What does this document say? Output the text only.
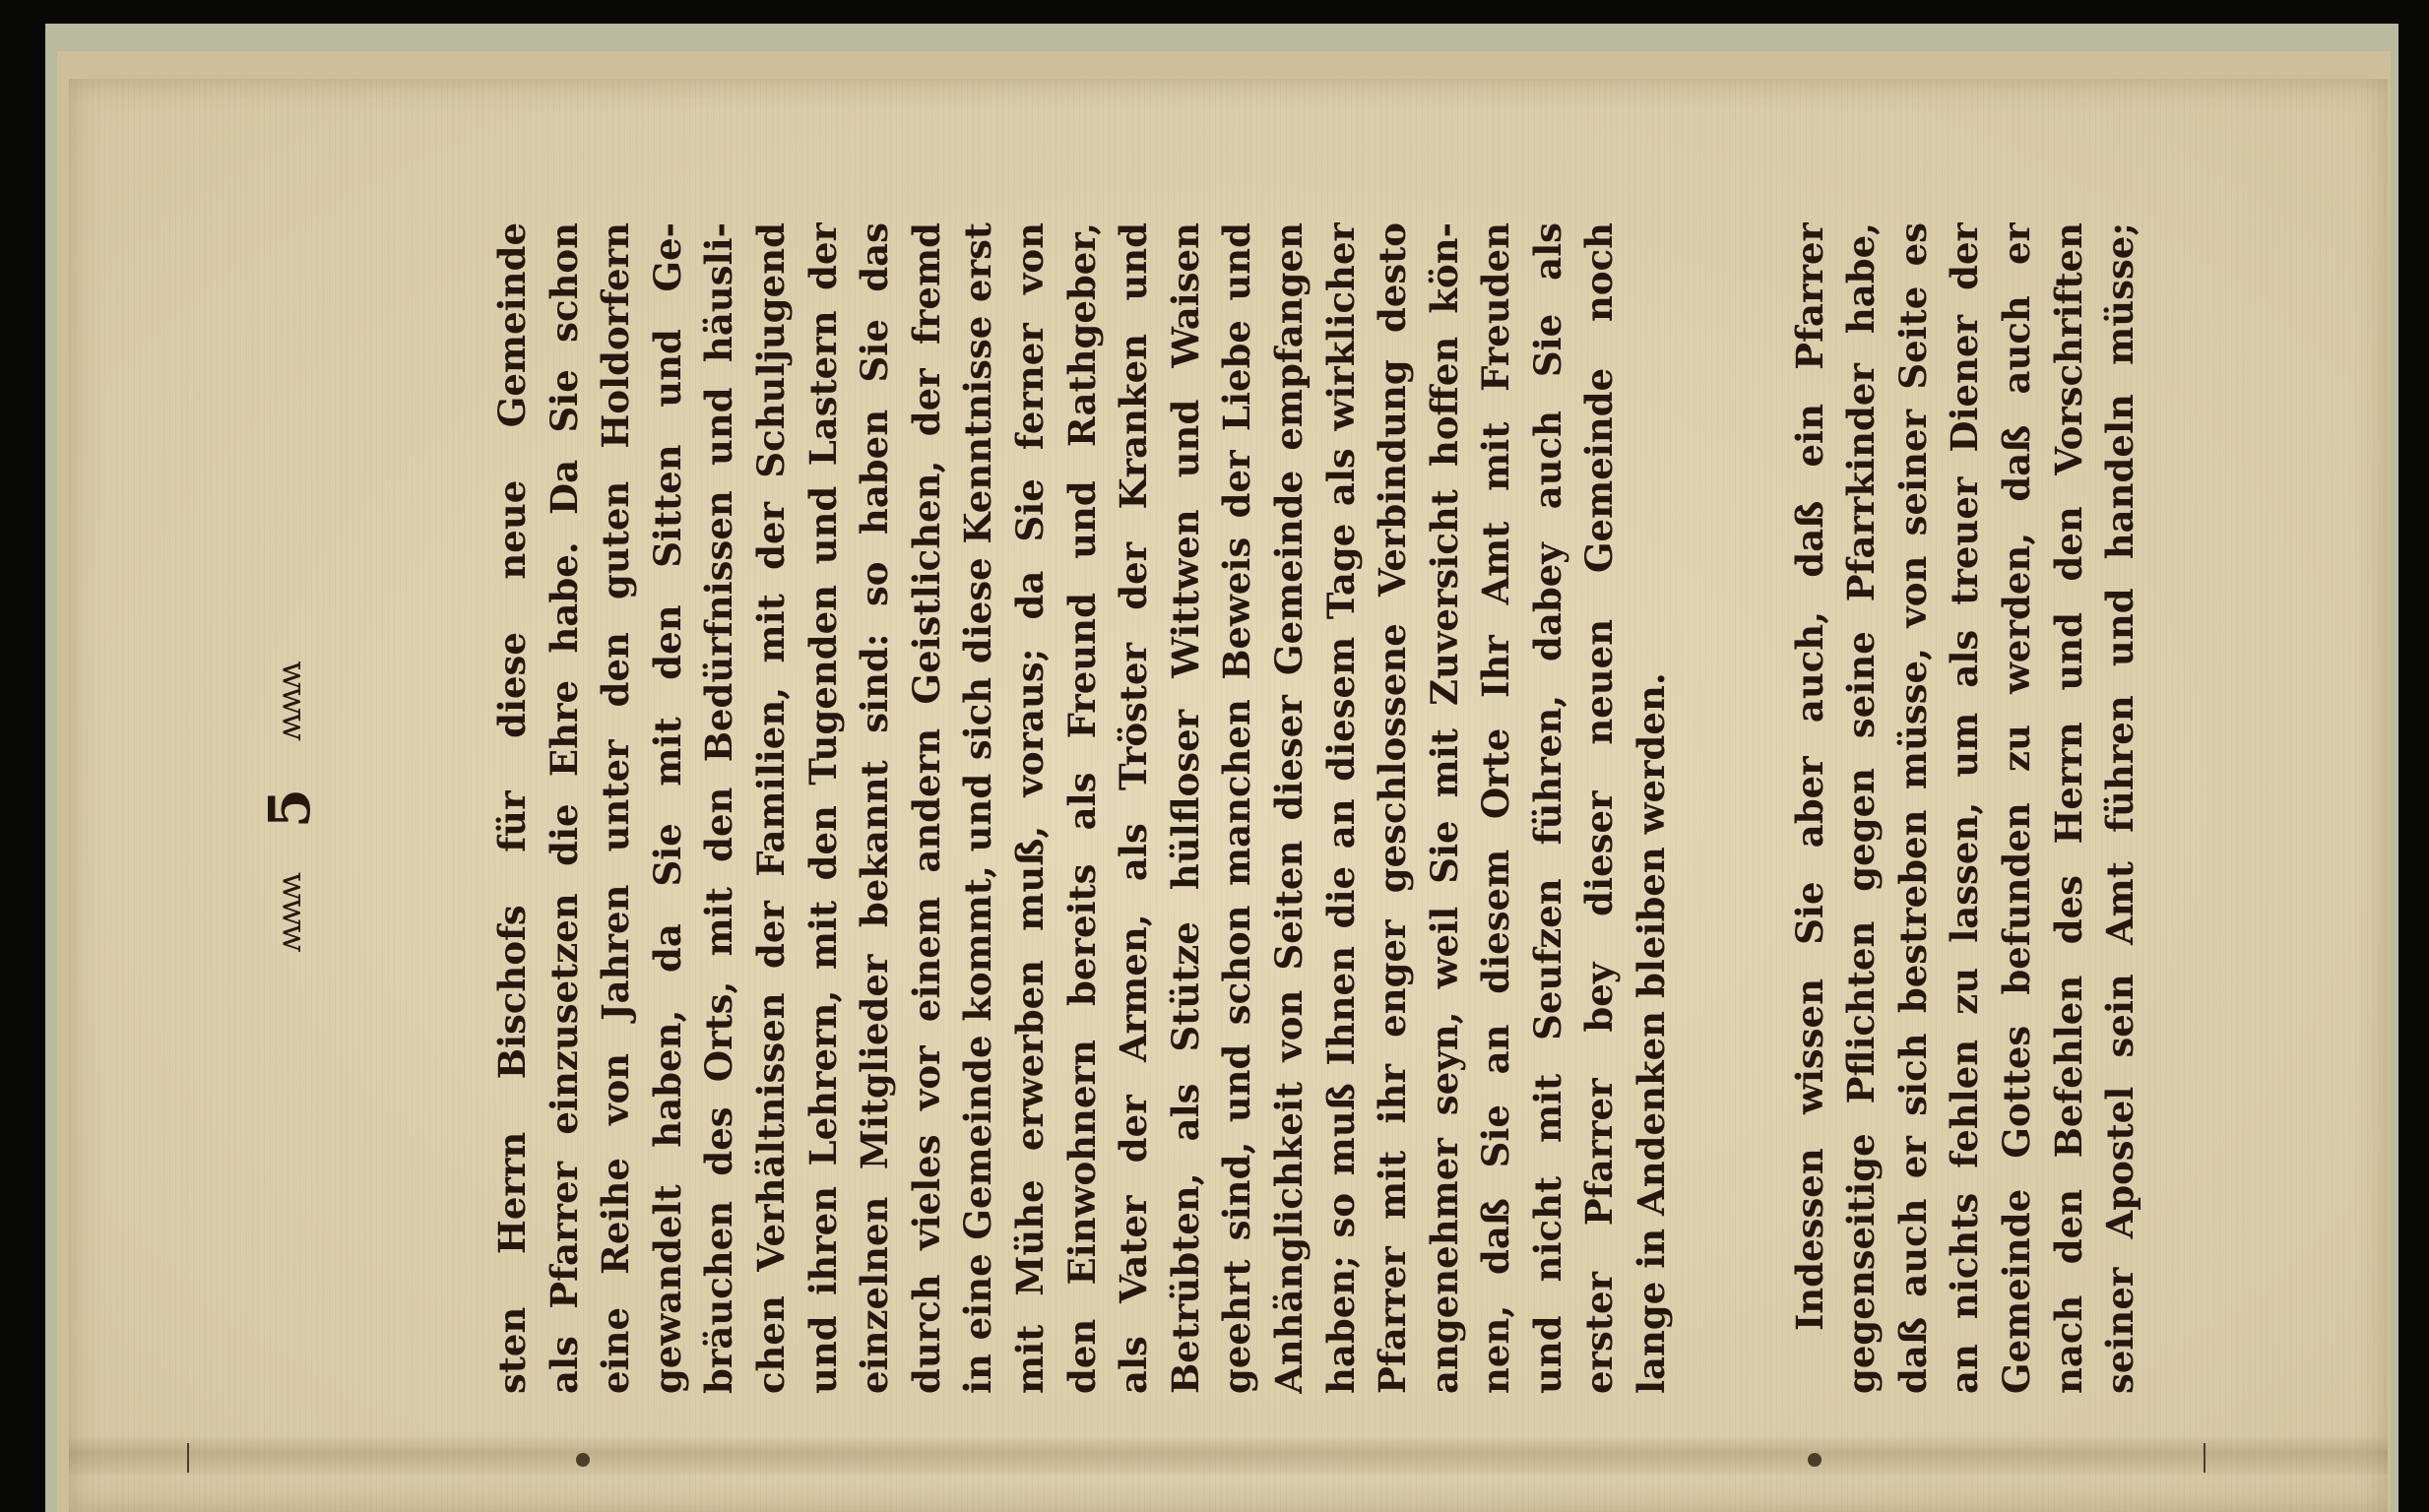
ʍʍʍ
5
ʍʍʍ	sten Herrn Bischofs für diese neue Gemeinde als Pfarrer einzusetzen die Ehre habe. Da Sie schon eine Reihe von Jahren unter den guten Holdorfern gewandelt haben, da Sie mit den Sitten und Ge- bräuchen des Orts, mit den Bedürfnissen und häusli- chen Verhältnissen der Familien, mit der Schuljugend und ihren Lehrern, mit den Tugenden und Lastern der einzelnen Mitglieder bekannt sind: so haben Sie das durch vieles vor einem andern Geistlichen, der fremd in eine Gemeinde kommt, und sich diese Kenntnisse erst mit Mühe erwerben muß, voraus; da Sie ferner von den Einwohnern bereits als Freund und Rathgeber, als Vater der Armen, als Tröster der Kranken und Betrübten, als Stütze hülfloser Wittwen und Waisen geehrt sind, und schon manchen Beweis der Liebe und Anhänglichkeit von Seiten dieser Gemeinde empfangen haben; so muß Ihnen die an diesem Tage als wirklicher Pfarrer mit ihr enger geschlossene Verbindung desto angenehmer seyn, weil Sie mit Zuversicht hoffen kön- nen, daß Sie an diesem Orte Ihr Amt mit Freuden und nicht mit Seufzen führen, dabey auch Sie als erster Pfarrer bey dieser neuen Gemeinde noch lange in Andenken bleiben werden.	Indessen wissen Sie aber auch, daß ein Pfarrer gegenseitige Pflichten gegen seine Pfarrkinder habe, daß auch er sich bestreben müsse, von seiner Seite es an nichts fehlen zu lassen, um als treuer Diener der Gemeinde Gottes befunden zu werden, daß auch er nach den Befehlen des Herrn und den Vorschriften seiner Apostel sein Amt führen und handeln müsse;
